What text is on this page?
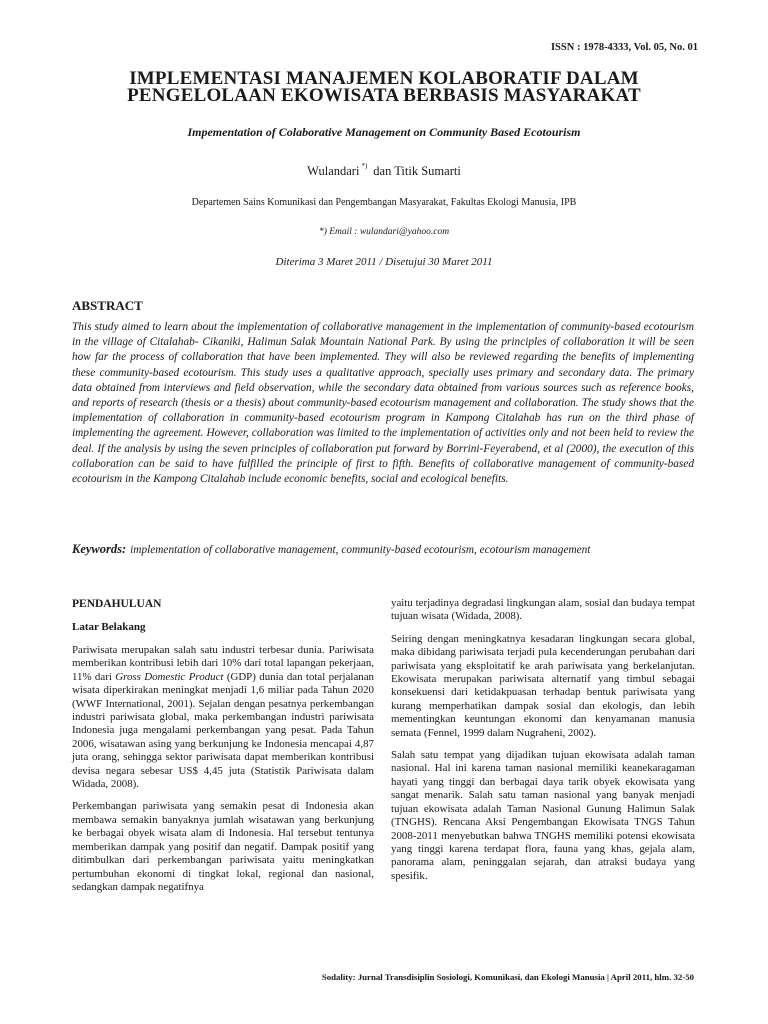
ISSN : 1978-4333, Vol. 05, No. 01
IMPLEMENTASI MANAJEMEN KOLABORATIF DALAM
PENGELOLAAN EKOWISATA BERBASIS MASYARAKAT
Impementation of Colaborative Management on Community Based Ecotourism
Wulandari *) dan Titik Sumarti
Departemen Sains Komunikasi dan Pengembangan Masyarakat, Fakultas Ekologi Manusia, IPB
*) Email : wulandari@yahoo.com
Diterima 3 Maret 2011 / Disetujui 30 Maret 2011
ABSTRACT

This study aimed to learn about the implementation of collaborative management in the implementation of community-based ecotourism in the village of Citalahab- Cikaniki, Halimun Salak Mountain National Park. By using the principles of collaboration it will be seen how far the process of collaboration that have been implemented. They will also be reviewed regarding the benefits of implementing these community-based ecotourism. This study uses a qualitative approach, specially uses primary and secondary data. The primary data obtained from interviews and field observation, while the secondary data obtained from various sources such as reference books, and reports of research (thesis or a thesis) about community-based ecotourism management and collaboration. The study shows that the implementation of collaboration in community-based ecotourism program in Kampong Citalahab has run on the third phase of implementing the agreement. However, collaboration was limited to the implementation of activities only and not been held to review the deal. If the analysis by using the seven principles of collaboration put forward by Borrini-Feyerabend, et al (2000), the execution of this collaboration can be said to have fulfilled the principle of first to fifth. Benefits of collaborative management of community-based ecotourism in the Kampong Citalahab include economic benefits, social and ecological benefits.

Keywords: implementation of collaborative management, community-based ecotourism, ecotourism management

PENDAHULUAN
Latar Belakang

Pariwisata merupakan salah satu industri terbesar dunia. Pariwisata memberikan kontribusi lebih dari 10% dari total lapangan pekerjaan, 11% dari Gross Domestic Product (GDP) dunia dan total perjalanan wisata diperkirakan meningkat menjadi 1,6 miliar pada Tahun 2020 (WWF International, 2001). Sejalan dengan pesatnya perkembangan industri pariwisata global, maka perkembangan industri pariwisata Indonesia juga mengalami perkembangan yang pesat. Pada Tahun 2006, wisatawan asing yang berkunjung ke Indonesia mencapai 4,87 juta orang, sehingga sektor pariwisata dapat memberikan kontribusi devisa negara sebesar US$ 4,45 juta (Statistik Pariwisata dalam Widada, 2008).

Perkembangan pariwisata yang semakin pesat di Indonesia akan membawa semakin banyaknya jumlah wisatawan yang berkunjung ke berbagai obyek wisata alam di Indonesia. Hal tersebut tentunya memberikan dampak yang positif dan negatif. Dampak positif yang ditimbulkan dari perkembangan pariwisata yaitu meningkatkan pertumbuhan ekonomi di tingkat lokal, regional dan nasional, sedangkan dampak negatifnya

yaitu terjadinya degradasi lingkungan alam, sosial dan budaya tempat tujuan wisata (Widada, 2008).

Seiring dengan meningkatnya kesadaran lingkungan secara global, maka dibidang pariwisata terjadi pula kecenderungan perubahan dari pariwisata yang eksploitatif ke arah pariwisata yang berkelanjutan. Ekowisata merupakan pariwisata alternatif yang timbul sebagai konsekuensi dari ketidakpuasan terhadap bentuk pariwisata yang kurang memperhatikan dampak sosial dan ekologis, dan lebih mementingkan keuntungan ekonomi dan kenyamanan manusia semata (Fennel, 1999 dalam Nugraheni, 2002).

Salah satu tempat yang dijadikan tujuan ekowisata adalah taman nasional. Hal ini karena taman nasional memiliki keanekaragaman hayati yang tinggi dan berbagai daya tarik obyek ekowisata yang sangat menarik. Salah satu taman nasional yang banyak menjadi tujuan ekowisata adalah Taman Nasional Gunung Halimun Salak (TNGHS). Rencana Aksi Pengembangan Ekowisata TNGS Tahun 2008-2011 menyebutkan bahwa TNGHS memiliki potensi ekowisata yang tinggi karena terdapat flora, fauna yang khas, gejala alam, panorama alam, peninggalan sejarah, dan atraksi budaya yang spesifik.

Sodality: Jurnal Transdisiplin Sosiologi, Komunikasi, dan Ekologi Manusia | April 2011, hlm. 32-50
